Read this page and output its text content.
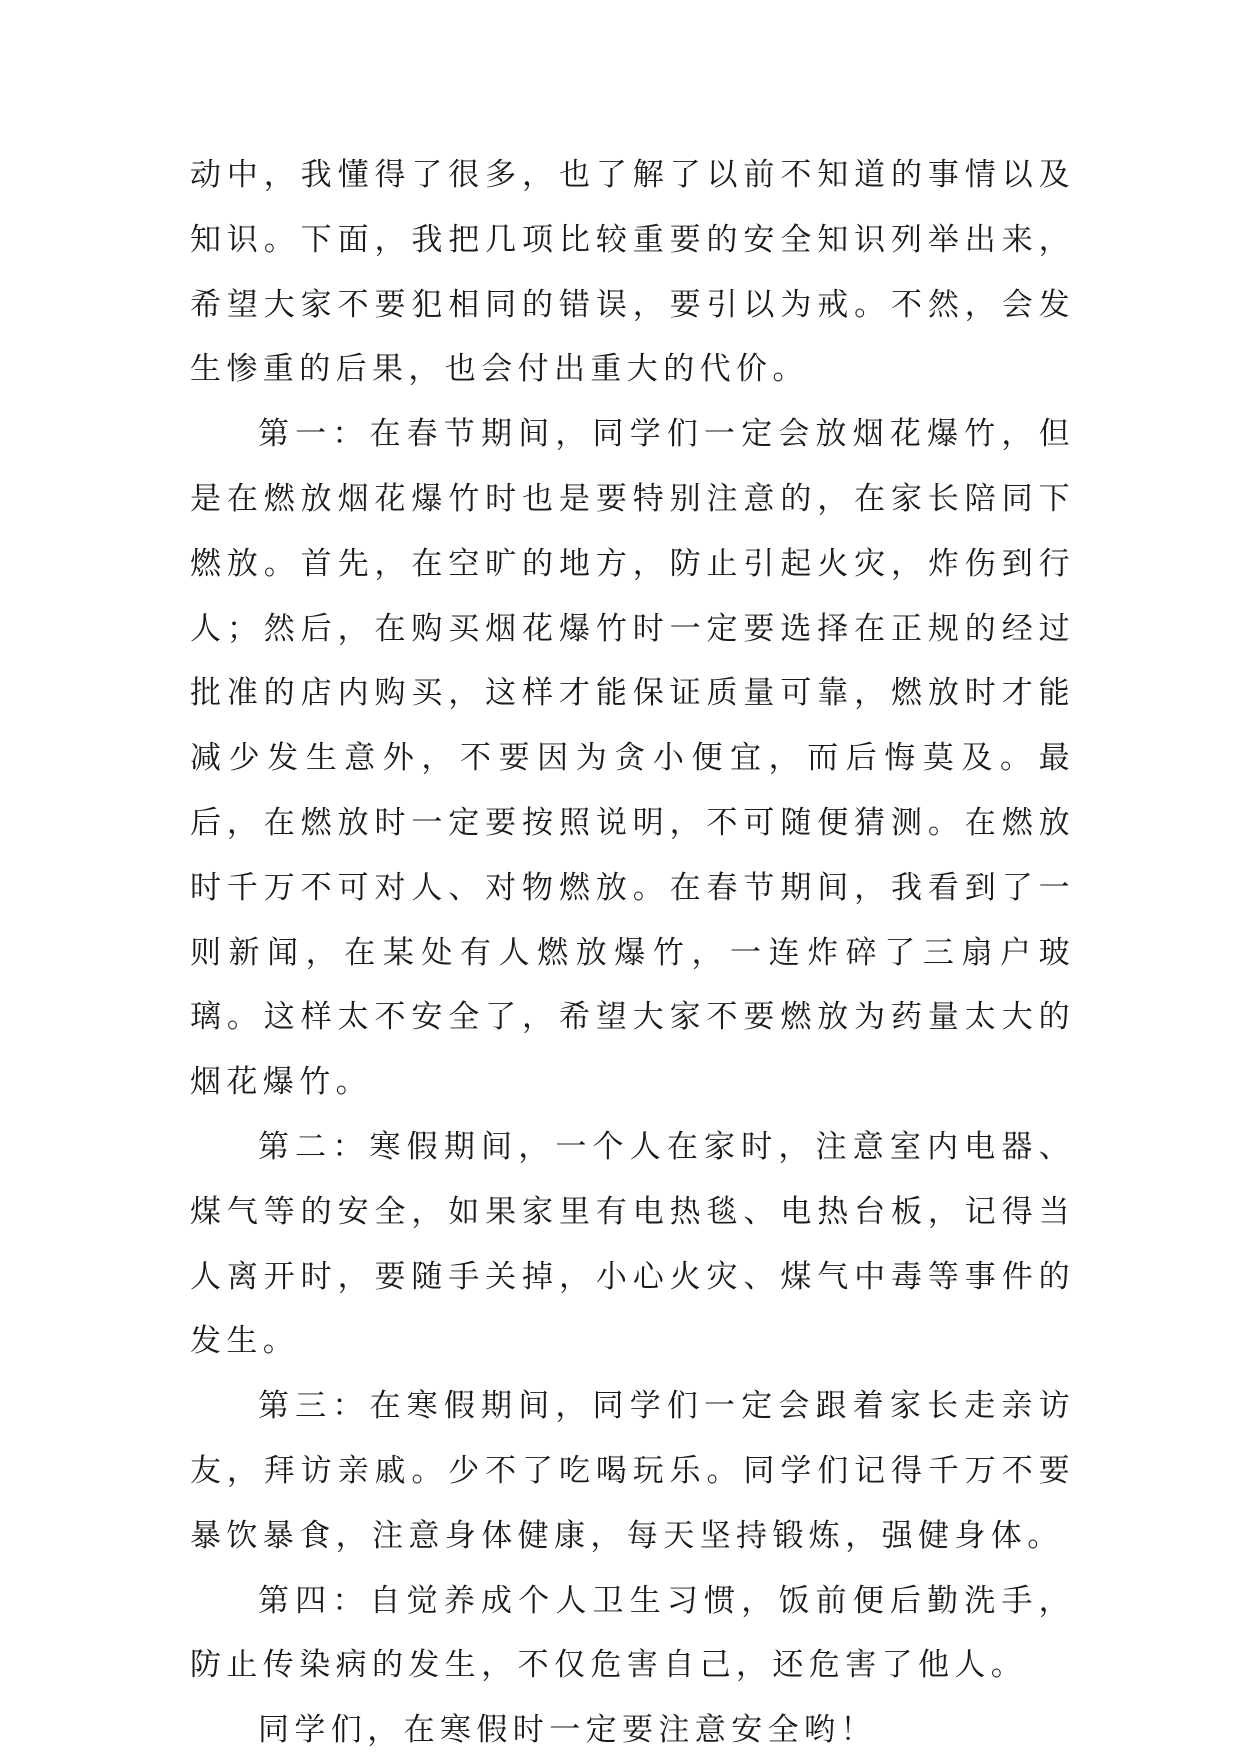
动中，我懂得了很多，也了解了以前不知道的事情以及知识。下面，我把几项比较重要的安全知识列举出来，希望大家不要犯相同的错误，要引以为戒。不然，会发生惨重的后果，也会付出重大的代价。

第一：在春节期间，同学们一定会放烟花爆竹，但是在燃放烟花爆竹时也是要特别注意的，在家长陪同下燃放。首先，在空旷的地方，防止引起火灾，炸伤到行人；然后，在购买烟花爆竹时一定要选择在正规的经过批准的店内购买，这样才能保证质量可靠，燃放时才能减少发生意外，不要因为贪小便宜，而后悔莫及。最后，在燃放时一定要按照说明，不可随便猜测。在燃放时千万不可对人、对物燃放。在春节期间，我看到了一则新闻，在某处有人燃放爆竹，一连炸碎了三扇户玻璃。这样太不安全了，希望大家不要燃放为药量太大的烟花爆竹。

第二：寒假期间，一个人在家时，注意室内电器、煤气等的安全，如果家里有电热毯、电热台板，记得当人离开时，要随手关掉，小心火灾、煤气中毒等事件的发生。

第三：在寒假期间，同学们一定会跟着家长走亲访友，拜访亲戚。少不了吃喝玩乐。同学们记得千万不要暴饮暴食，注意身体健康，每天坚持锻炼，强健身体。

第四：自觉养成个人卫生习惯，饭前便后勤洗手，防止传染病的发生，不仅危害自己，还危害了他人。

同学们，在寒假时一定要注意安全哟！
